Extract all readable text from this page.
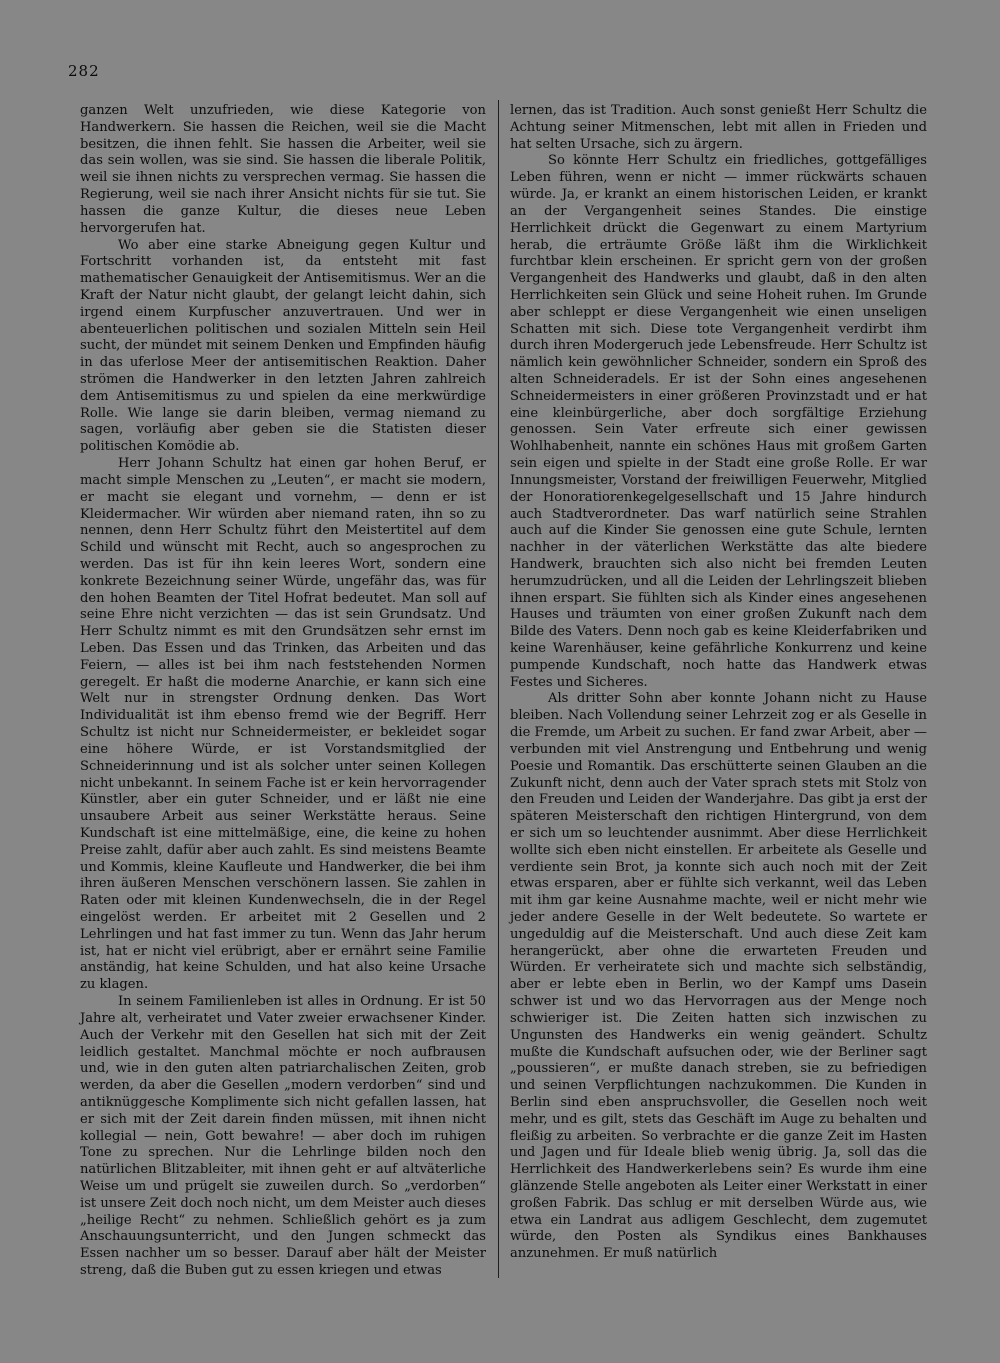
282

ganzen Welt unzufrieden, wie diese Kategorie von Handwerkern. Sie hassen die Reichen, weil sie die Macht besitzen, die ihnen fehlt. Sie hassen die Arbeiter, weil sie das sein wollen, was sie sind. Sie hassen die liberale Politik, weil sie ihnen nichts zu versprechen vermag. Sie hassen die Regierung, weil sie nach ihrer Ansicht nichts für sie tut. Sie hassen die ganze Kultur, die dieses neue Leben hervorgerufen hat.

Wo aber eine starke Abneigung gegen Kultur und Fortschritt vorhanden ist, da entsteht mit fast mathematischer Genauigkeit der Antisemitismus. Wer an die Kraft der Natur nicht glaubt, der gelangt leicht dahin, sich irgend einem Kurpfuscher anzuvertrauen. Und wer in abenteuerlichen politischen und sozialen Mitteln sein Heil sucht, der mündet mit seinem Denken und Empfinden häufig in das uferlose Meer der antisemitischen Reaktion. Daher strömen die Handwerker in den letzten Jahren zahlreich dem Antisemitismus zu und spielen da eine merkwürdige Rolle. Wie lange sie darin bleiben, vermag niemand zu sagen, vorläufig aber geben sie die Statisten dieser politischen Komödie ab.

Herr Johann Schultz hat einen gar hohen Beruf, er macht simple Menschen zu „Leuten“, er macht sie modern, er macht sie elegant und vornehm, — denn er ist Kleidermacher. Wir würden aber niemand raten, ihn so zu nennen, denn Herr Schultz führt den Meistertitel auf dem Schild und wünscht mit Recht, auch so angesprochen zu werden. Das ist für ihn kein leeres Wort, sondern eine konkrete Bezeichnung seiner Würde, ungefähr das, was für den hohen Beamten der Titel Hofrat bedeutet. Man soll auf seine Ehre nicht verzichten — das ist sein Grundsatz. Und Herr Schultz nimmt es mit den Grundsätzen sehr ernst im Leben. Das Essen und das Trinken, das Arbeiten und das Feiern, — alles ist bei ihm nach feststehenden Normen geregelt. Er haßt die moderne Anarchie, er kann sich eine Welt nur in strengster Ordnung denken. Das Wort Individualität ist ihm ebenso fremd wie der Begriff. Herr Schultz ist nicht nur Schneidermeister, er bekleidet sogar eine höhere Würde, er ist Vorstandsmitglied der Schneiderinnung und ist als solcher unter seinen Kollegen nicht unbekannt. In seinem Fache ist er kein hervorragender Künstler, aber ein guter Schneider, und er läßt nie eine unsaubere Arbeit aus seiner Werkstätte heraus. Seine Kundschaft ist eine mittelmäßige, eine, die keine zu hohen Preise zahlt, dafür aber auch zahlt. Es sind meistens Beamte und Kommis, kleine Kaufleute und Handwerker, die bei ihm ihren äußeren Menschen verschönern lassen. Sie zahlen in Raten oder mit kleinen Kundenwechseln, die in der Regel eingelöst werden. Er arbeitet mit 2 Gesellen und 2 Lehrlingen und hat fast immer zu tun. Wenn das Jahr herum ist, hat er nicht viel erübrigt, aber er ernährt seine Familie anständig, hat keine Schulden, und hat also keine Ursache zu klagen.

In seinem Familienleben ist alles in Ordnung. Er ist 50 Jahre alt, verheiratet und Vater zweier erwachsener Kinder. Auch der Verkehr mit den Gesellen hat sich mit der Zeit leidlich gestaltet. Manchmal möchte er noch aufbrausen und, wie in den guten alten patriarchalischen Zeiten, grob werden, da aber die Gesellen „modern verdorben“ sind und antiknüggesche Komplimente sich nicht gefallen lassen, hat er sich mit der Zeit darein finden müssen, mit ihnen nicht kollegial — nein, Gott bewahre! — aber doch im ruhigen Tone zu sprechen. Nur die Lehrlinge bilden noch den natürlichen Blitzableiter, mit ihnen geht er auf altväterliche Weise um und prügelt sie zuweilen durch. So „verdorben“ ist unsere Zeit doch noch nicht, um dem Meister auch dieses „heilige Recht“ zu nehmen. Schließlich gehört es ja zum Anschauungsunterricht, und den Jungen schmeckt das Essen nachher um so besser. Darauf aber hält der Meister streng, daß die Buben gut zu essen kriegen und etwas

lernen, das ist Tradition. Auch sonst genießt Herr Schultz die Achtung seiner Mitmenschen, lebt mit allen in Frieden und hat selten Ursache, sich zu ärgern.

So könnte Herr Schultz ein friedliches, gottgefälliges Leben führen, wenn er nicht — immer rückwärts schauen würde. Ja, er krankt an einem historischen Leiden, er krankt an der Vergangenheit seines Standes. Die einstige Herrlichkeit drückt die Gegenwart zu einem Martyrium herab, die erträumte Größe läßt ihm die Wirklichkeit furchtbar klein erscheinen. Er spricht gern von der großen Vergangenheit des Handwerks und glaubt, daß in den alten Herrlichkeiten sein Glück und seine Hoheit ruhen. Im Grunde aber schleppt er diese Vergangenheit wie einen unseligen Schatten mit sich. Diese tote Vergangenheit verdirbt ihm durch ihren Modergeruch jede Lebensfreude. Herr Schultz ist nämlich kein gewöhnlicher Schneider, sondern ein Sproß des alten Schneideradels. Er ist der Sohn eines angesehenen Schneidermeisters in einer größeren Provinzstadt und er hat eine kleinbürgerliche, aber doch sorgfältige Erziehung genossen. Sein Vater erfreute sich einer gewissen Wohlhabenheit, nannte ein schönes Haus mit großem Garten sein eigen und spielte in der Stadt eine große Rolle. Er war Innungsmeister, Vorstand der freiwilligen Feuerwehr, Mitglied der Honoratiorenkegelgesellschaft und 15 Jahre hindurch auch Stadtverordneter. Das warf natürlich seine Strahlen auch auf die Kinder Sie genossen eine gute Schule, lernten nachher in der väterlichen Werkstätte das alte biedere Handwerk, brauchten sich also nicht bei fremden Leuten herumzudrücken, und all die Leiden der Lehrlingszeit blieben ihnen erspart. Sie fühlten sich als Kinder eines angesehenen Hauses und träumten von einer großen Zukunft nach dem Bilde des Vaters. Denn noch gab es keine Kleiderfabriken und keine Warenhäuser, keine gefährliche Konkurrenz und keine pumpende Kundschaft, noch hatte das Handwerk etwas Festes und Sicheres.

Als dritter Sohn aber konnte Johann nicht zu Hause bleiben. Nach Vollendung seiner Lehrzeit zog er als Geselle in die Fremde, um Arbeit zu suchen. Er fand zwar Arbeit, aber — verbunden mit viel Anstrengung und Entbehrung und wenig Poesie und Romantik. Das erschütterte seinen Glauben an die Zukunft nicht, denn auch der Vater sprach stets mit Stolz von den Freuden und Leiden der Wanderjahre. Das gibt ja erst der späteren Meisterschaft den richtigen Hintergrund, von dem er sich um so leuchtender ausnimmt. Aber diese Herrlichkeit wollte sich eben nicht einstellen. Er arbeitete als Geselle und verdiente sein Brot, ja konnte sich auch noch mit der Zeit etwas ersparen, aber er fühlte sich verkannt, weil das Leben mit ihm gar keine Ausnahme machte, weil er nicht mehr wie jeder andere Geselle in der Welt bedeutete. So wartete er ungeduldig auf die Meisterschaft. Und auch diese Zeit kam herangerückt, aber ohne die erwarteten Freuden und Würden. Er verheiratete sich und machte sich selbständig, aber er lebte eben in Berlin, wo der Kampf ums Dasein schwer ist und wo das Hervorragen aus der Menge noch schwieriger ist. Die Zeiten hatten sich inzwischen zu Ungunsten des Handwerks ein wenig geändert. Schultz mußte die Kundschaft aufsuchen oder, wie der Berliner sagt „poussieren“, er mußte danach streben, sie zu befriedigen und seinen Verpflichtungen nachzukommen. Die Kunden in Berlin sind eben anspruchsvoller, die Gesellen noch weit mehr, und es gilt, stets das Geschäft im Auge zu behalten und fleißig zu arbeiten. So verbrachte er die ganze Zeit im Hasten und Jagen und für Ideale blieb wenig übrig. Ja, soll das die Herrlichkeit des Handwerkerlebens sein? Es wurde ihm eine glänzende Stelle angeboten als Leiter einer Werkstatt in einer großen Fabrik. Das schlug er mit derselben Würde aus, wie etwa ein Landrat aus adligem Geschlecht, dem zugemutet würde, den Posten als Syndikus eines Bankhauses anzunehmen. Er muß natürlich
